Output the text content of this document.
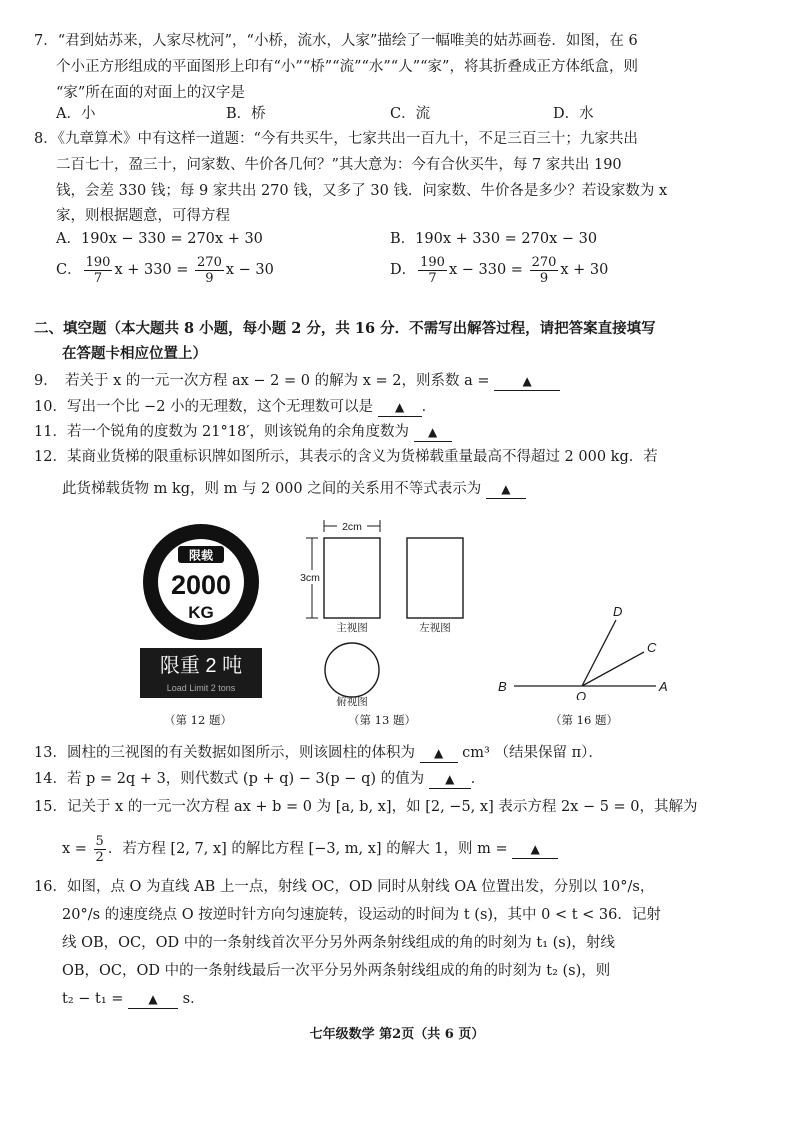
7．“君到姑苏来，人家尽枕河”，“小桥，流水，人家”描绘了一幅唯美的姑苏画卷．如图，在 6
个小正方形组成的平面图形上印有“小”“桥”“流”“水”“人”“家”，将其折叠成正方体纸盒，则
“家”所在面的对面上的汉字是
A．小	B．桥	C．流	D．水
8．《九章算术》中有这样一道题：“今有共买牛，七家共出一百九十，不足三百三十；九家共出
二百七十，盈三十，问家数、牛价各几何？”其大意为：今有合伙买牛，每 7 家共出 190
钱，会差 330 钱；每 9 家共出 270 钱，又多了 30 钱．问家数、牛价各是多少？若设家数为 x
家，则根据题意，可得方程
A．190x − 330 = 270x + 30	B．190x + 330 = 270x − 30
C． $\frac{190}{7}$ $x + 330 = \frac{270}{9}$ x − 30	D． $\frac{190}{7}$ $x - 330 = \frac{270}{9}$ x + 30
二、填空题（本大题共 8 小题，每小题 2 分，共 16 分．不需写出解答过程，请把答案直接填写
在答题卡相应位置上）
9．　若关于 x 的一元一次方程 ax − 2 = 0 的解为 x = 2，则系数 a =	▲
10．写出一个比 −2 小的无理数，这个无理数可以是 ▲ ．
11．若一个锐角的度数为 21°18′，则该锐角的余角度数为 ▲
12．某商业货梯的限重标识牌如图所示，其表示的含义为货梯载重量最高不得超过 2 000 kg．若
此货梯载货物 m kg，则 m 与 2 000 之间的关系用不等式表示为 ▲
限载
2000
KG
限重 2 吨
Load Limit 2 tons
（第 12 题）
2cm
3cm
主视图	左视图
俯视图
（第 13 题）
B
O
A
C
D
（第 16 题）
13．圆柱的三视图的有关数据如图所示，则该圆柱的体积为 ▲ cm³ （结果保留 π）．
14．若 p = 2q + 3，则代数式 (p + q) − 3(p − q) 的值为 ▲ ．
15．记关于 x 的一元一次方程 ax + b = 0 为 [a, b, x]，如 [2, −5, x] 表示方程 2x − 5 = 0，其解为
$x = \frac{5}{2}$ ．若方程 [2, 7, x] 的解比方程 [−3, m, x] 的解大 1，则 m = ▲
16．如图，点 O 为直线 AB 上一点，射线 OC，OD 同时从射线 OA 位置出发，分别以 10°/s，
20°/s 的速度绕点 O 按逆时针方向匀速旋转，设运动的时间为 t (s)，其中 0 < t < 36．记射
线 OB，OC，OD 中的一条射线首次平分另外两条射线组成的角的时刻为 t₁ (s)，射线
OB，OC，OD 中的一条射线最后一次平分另外两条射线组成的角的时刻为 t₂ (s)，则
t₂ − t₁ = ▲ s．
七年级数学 第2页（共 6 页）
